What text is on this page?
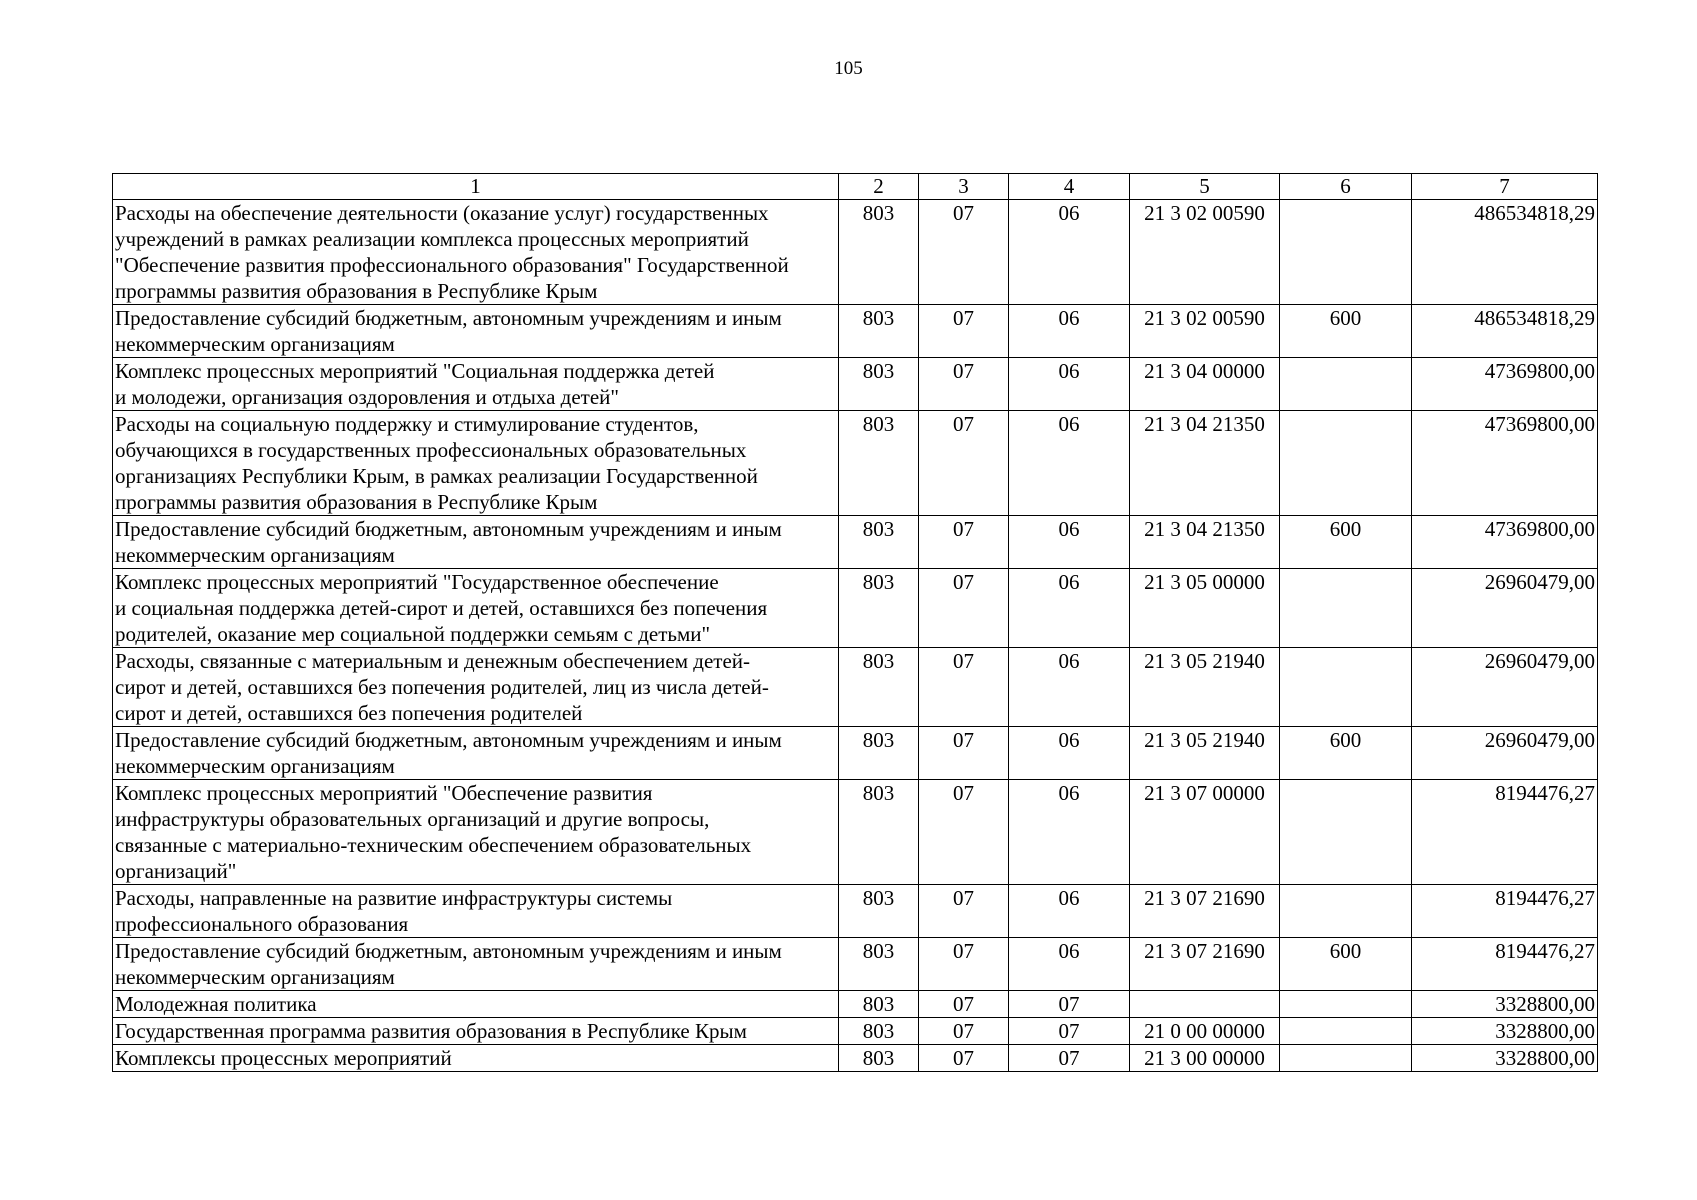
105
1	2	3	4	5	6	7
Расходы на обеспечение деятельности (оказание услуг) государственных
учреждений в рамках реализации комплекса процессных мероприятий
"Обеспечение развития профессионального образования" Государственной
программы развития образования в Республике Крым	803	07	06	21 3 02 00590		486534818,29
Предоставление субсидий бюджетным, автономным учреждениям и иным
некоммерческим организациям	803	07	06	21 3 02 00590	600	486534818,29
Комплекс процессных мероприятий "Социальная поддержка детей
и молодежи, организация оздоровления и отдыха детей"	803	07	06	21 3 04 00000		47369800,00
Расходы на социальную поддержку и стимулирование студентов,
обучающихся в государственных профессиональных образовательных
организациях Республики Крым, в рамках реализации Государственной
программы развития образования в Республике Крым	803	07	06	21 3 04 21350		47369800,00
Предоставление субсидий бюджетным, автономным учреждениям и иным
некоммерческим организациям	803	07	06	21 3 04 21350	600	47369800,00
Комплекс процессных мероприятий "Государственное обеспечение
и социальная поддержка детей-сирот и детей, оставшихся без попечения
родителей, оказание мер социальной поддержки семьям с детьми"	803	07	06	21 3 05 00000		26960479,00
Расходы, связанные с материальным и денежным обеспечением детей-
сирот и детей, оставшихся без попечения родителей, лиц из числа детей-
сирот и детей, оставшихся без попечения родителей	803	07	06	21 3 05 21940		26960479,00
Предоставление субсидий бюджетным, автономным учреждениям и иным
некоммерческим организациям	803	07	06	21 3 05 21940	600	26960479,00
Комплекс процессных мероприятий "Обеспечение развития
инфраструктуры образовательных организаций и другие вопросы,
связанные с материально-техническим обеспечением образовательных
организаций"	803	07	06	21 3 07 00000		8194476,27
Расходы, направленные на развитие инфраструктуры системы
профессионального образования	803	07	06	21 3 07 21690		8194476,27
Предоставление субсидий бюджетным, автономным учреждениям и иным
некоммерческим организациям	803	07	06	21 3 07 21690	600	8194476,27
Молодежная политика	803	07	07			3328800,00
Государственная программа развития образования в Республике Крым	803	07	07	21 0 00 00000		3328800,00
Комплексы процессных мероприятий	803	07	07	21 3 00 00000		3328800,00
